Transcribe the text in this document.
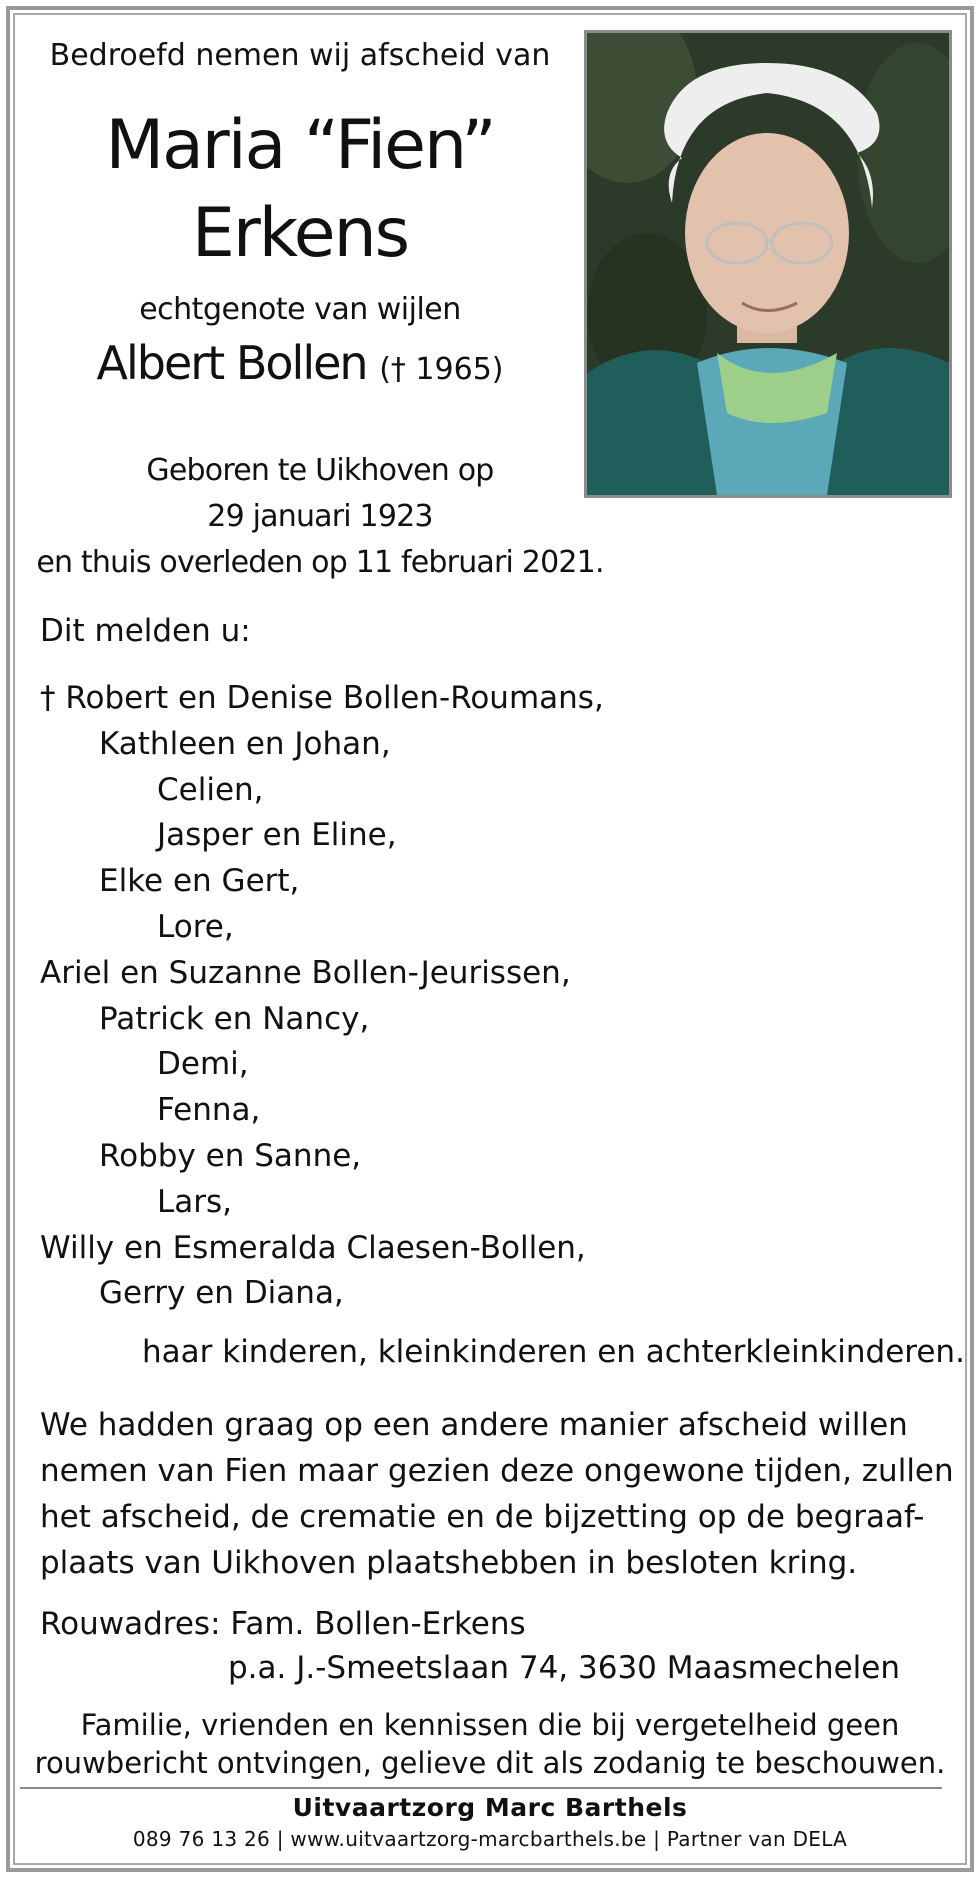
Bedroefd nemen wij afscheid van
Maria “Fien”
Erkens
echtgenote van wijlen
Albert Bollen († 1965)
Geboren te Uikhoven op
29 januari 1923
en thuis overleden op 11 februari 2021.
Dit melden u:
† Robert en Denise Bollen-Roumans,
Kathleen en Johan,
Celien,
Jasper en Eline,
Elke en Gert,
Lore,
Ariel en Suzanne Bollen-Jeurissen,
Patrick en Nancy,
Demi,
Fenna,
Robby en Sanne,
Lars,
Willy en Esmeralda Claesen-Bollen,
Gerry en Diana,
haar kinderen, kleinkinderen en achterkleinkinderen.
We hadden graag op een andere manier afscheid willen
nemen van Fien maar gezien deze ongewone tijden, zullen
het afscheid, de crematie en de bijzetting op de begraaf-
plaats van Uikhoven plaatshebben in besloten kring.
Rouwadres: Fam. Bollen-Erkens
p.a. J.-Smeetslaan 74, 3630 Maasmechelen
Familie, vrienden en kennissen die bij vergetelheid geen
rouwbericht ontvingen, gelieve dit als zodanig te beschouwen.
Uitvaartzorg Marc Barthels
089 76 13 26 | www.uitvaartzorg-marcbarthels.be | Partner van DELA
